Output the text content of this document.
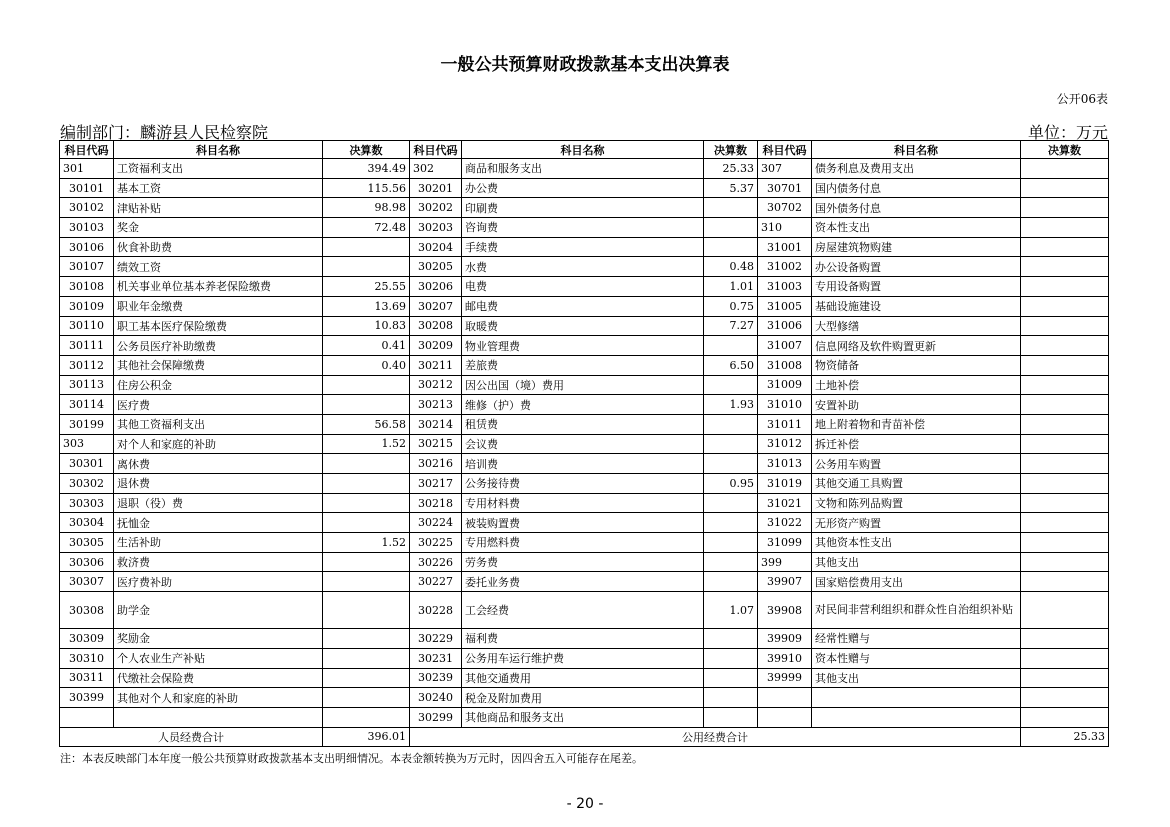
一般公共预算财政拨款基本支出决算表
公开06表
编制部门：麟游县人民检察院	单位：万元
科目代码	科目名称	决算数	科目代码	科目名称	决算数	科目代码	科目名称	决算数
301	工资福利支出	394.49	302	商品和服务支出	25.33	307	债务利息及费用支出	
30101	基本工资	115.56	30201	办公费	5.37	30701	国内债务付息	
30102	津贴补贴	98.98	30202	印刷费		30702	国外债务付息	
30103	奖金	72.48	30203	咨询费		310	资本性支出	
30106	伙食补助费		30204	手续费		31001	房屋建筑物购建	
30107	绩效工资		30205	水费	0.48	31002	办公设备购置	
30108	机关事业单位基本养老保险缴费	25.55	30206	电费	1.01	31003	专用设备购置	
30109	职业年金缴费	13.69	30207	邮电费	0.75	31005	基础设施建设	
30110	职工基本医疗保险缴费	10.83	30208	取暖费	7.27	31006	大型修缮	
30111	公务员医疗补助缴费	0.41	30209	物业管理费		31007	信息网络及软件购置更新	
30112	其他社会保障缴费	0.40	30211	差旅费	6.50	31008	物资储备	
30113	住房公积金		30212	因公出国（境）费用		31009	土地补偿	
30114	医疗费		30213	维修（护）费	1.93	31010	安置补助	
30199	其他工资福利支出	56.58	30214	租赁费		31011	地上附着物和青苗补偿	
303	对个人和家庭的补助	1.52	30215	会议费		31012	拆迁补偿	
30301	离休费		30216	培训费		31013	公务用车购置	
30302	退休费		30217	公务接待费	0.95	31019	其他交通工具购置	
30303	退职（役）费		30218	专用材料费		31021	文物和陈列品购置	
30304	抚恤金		30224	被装购置费		31022	无形资产购置	
30305	生活补助	1.52	30225	专用燃料费		31099	其他资本性支出	
30306	救济费		30226	劳务费		399	其他支出	
30307	医疗费补助		30227	委托业务费		39907	国家赔偿费用支出	
30308	助学金		30228	工会经费	1.07	39908	对民间非营利组织和群众性自治组织补贴	
30309	奖励金		30229	福利费		39909	经常性赠与	
30310	个人农业生产补贴		30231	公务用车运行维护费		39910	资本性赠与	
30311	代缴社会保险费		30239	其他交通费用		39999	其他支出	
30399	其他对个人和家庭的补助		30240	税金及附加费用				
			30299	其他商品和服务支出				
人员经费合计		396.01	公用经费合计					25.33
注：本表反映部门本年度一般公共预算财政拨款基本支出明细情况。本表金额转换为万元时，因四舍五入可能存在尾差。
- 20 -
